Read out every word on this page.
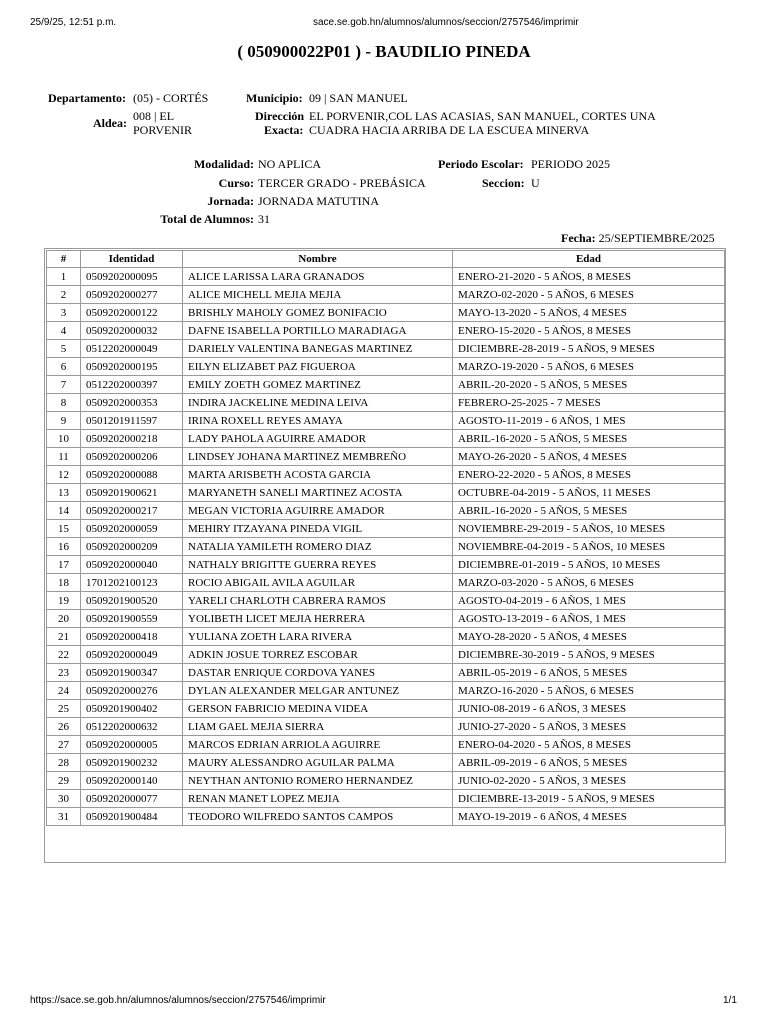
25/9/25, 12:51 p.m.	sace.se.gob.hn/alumnos/alumnos/seccion/2757546/imprimir
( 050900022P01 ) - BAUDILIO PINEDA
Departamento: (05) - CORTÉS	Municipio: 09 | SAN MANUEL
Aldea: 008 | EL
PORVENIR
Dirección
Exacta:
EL PORVENIR,COL LAS ACASIAS, SAN MANUEL, CORTES UNA
CUADRA HACIA ARRIBA DE LA ESCUEA MINERVA
Modalidad: NO APLICA	Periodo Escolar: PERIODO 2025
Curso: TERCER GRADO - PREBÁSICA	Seccion: U
Jornada: JORNADA MATUTINA
Total de Alumnos: 31
Fecha: 25/SEPTIEMBRE/2025
#	Identidad	Nombre	Edad
1	0509202000095	ALICE LARISSA LARA GRANADOS	ENERO-21-2020 - 5 AÑOS, 8 MESES
2	0509202000277	ALICE MICHELL MEJIA MEJIA	MARZO-02-2020 - 5 AÑOS, 6 MESES
3	0509202000122	BRISHLY MAHOLY GOMEZ BONIFACIO	MAYO-13-2020 - 5 AÑOS, 4 MESES
4	0509202000032	DAFNE ISABELLA PORTILLO MARADIAGA	ENERO-15-2020 - 5 AÑOS, 8 MESES
5	0512202000049	DARIELY VALENTINA BANEGAS MARTINEZ	DICIEMBRE-28-2019 - 5 AÑOS, 9 MESES
6	0509202000195	EILYN ELIZABET PAZ FIGUEROA	MARZO-19-2020 - 5 AÑOS, 6 MESES
7	0512202000397	EMILY ZOETH GOMEZ MARTINEZ	ABRIL-20-2020 - 5 AÑOS, 5 MESES
8	0509202000353	INDIRA JACKELINE MEDINA LEIVA	FEBRERO-25-2025 - 7 MESES
9	0501201911597	IRINA ROXELL REYES AMAYA	AGOSTO-11-2019 - 6 AÑOS, 1 MES
10	0509202000218	LADY PAHOLA AGUIRRE AMADOR	ABRIL-16-2020 - 5 AÑOS, 5 MESES
11	0509202000206	LINDSEY JOHANA MARTINEZ MEMBREÑO	MAYO-26-2020 - 5 AÑOS, 4 MESES
12	0509202000088	MARTA ARISBETH ACOSTA GARCIA	ENERO-22-2020 - 5 AÑOS, 8 MESES
13	0509201900621	MARYANETH SANELI MARTINEZ ACOSTA	OCTUBRE-04-2019 - 5 AÑOS, 11 MESES
14	0509202000217	MEGAN VICTORIA AGUIRRE AMADOR	ABRIL-16-2020 - 5 AÑOS, 5 MESES
15	0509202000059	MEHIRY ITZAYANA PINEDA VIGIL	NOVIEMBRE-29-2019 - 5 AÑOS, 10 MESES
16	0509202000209	NATALIA YAMILETH ROMERO DIAZ	NOVIEMBRE-04-2019 - 5 AÑOS, 10 MESES
17	0509202000040	NATHALY BRIGITTE GUERRA REYES	DICIEMBRE-01-2019 - 5 AÑOS, 10 MESES
18	1701202100123	ROCIO ABIGAIL AVILA AGUILAR	MARZO-03-2020 - 5 AÑOS, 6 MESES
19	0509201900520	YARELI CHARLOTH CABRERA RAMOS	AGOSTO-04-2019 - 6 AÑOS, 1 MES
20	0509201900559	YOLIBETH LICET MEJIA HERRERA	AGOSTO-13-2019 - 6 AÑOS, 1 MES
21	0509202000418	YULIANA ZOETH LARA RIVERA	MAYO-28-2020 - 5 AÑOS, 4 MESES
22	0509202000049	ADKIN JOSUE TORREZ ESCOBAR	DICIEMBRE-30-2019 - 5 AÑOS, 9 MESES
23	0509201900347	DASTAR ENRIQUE CORDOVA YANES	ABRIL-05-2019 - 6 AÑOS, 5 MESES
24	0509202000276	DYLAN ALEXANDER MELGAR ANTUNEZ	MARZO-16-2020 - 5 AÑOS, 6 MESES
25	0509201900402	GERSON FABRICIO MEDINA VIDEA	JUNIO-08-2019 - 6 AÑOS, 3 MESES
26	0512202000632	LIAM GAEL MEJIA SIERRA	JUNIO-27-2020 - 5 AÑOS, 3 MESES
27	0509202000005	MARCOS EDRIAN ARRIOLA AGUIRRE	ENERO-04-2020 - 5 AÑOS, 8 MESES
28	0509201900232	MAURY ALESSANDRO AGUILAR PALMA	ABRIL-09-2019 - 6 AÑOS, 5 MESES
29	0509202000140	NEYTHAN ANTONIO ROMERO HERNANDEZ	JUNIO-02-2020 - 5 AÑOS, 3 MESES
30	0509202000077	RENAN MANET LOPEZ MEJIA	DICIEMBRE-13-2019 - 5 AÑOS, 9 MESES
31	0509201900484	TEODORO WILFREDO SANTOS CAMPOS	MAYO-19-2019 - 6 AÑOS, 4 MESES
https://sace.se.gob.hn/alumnos/alumnos/seccion/2757546/imprimir	1/1
